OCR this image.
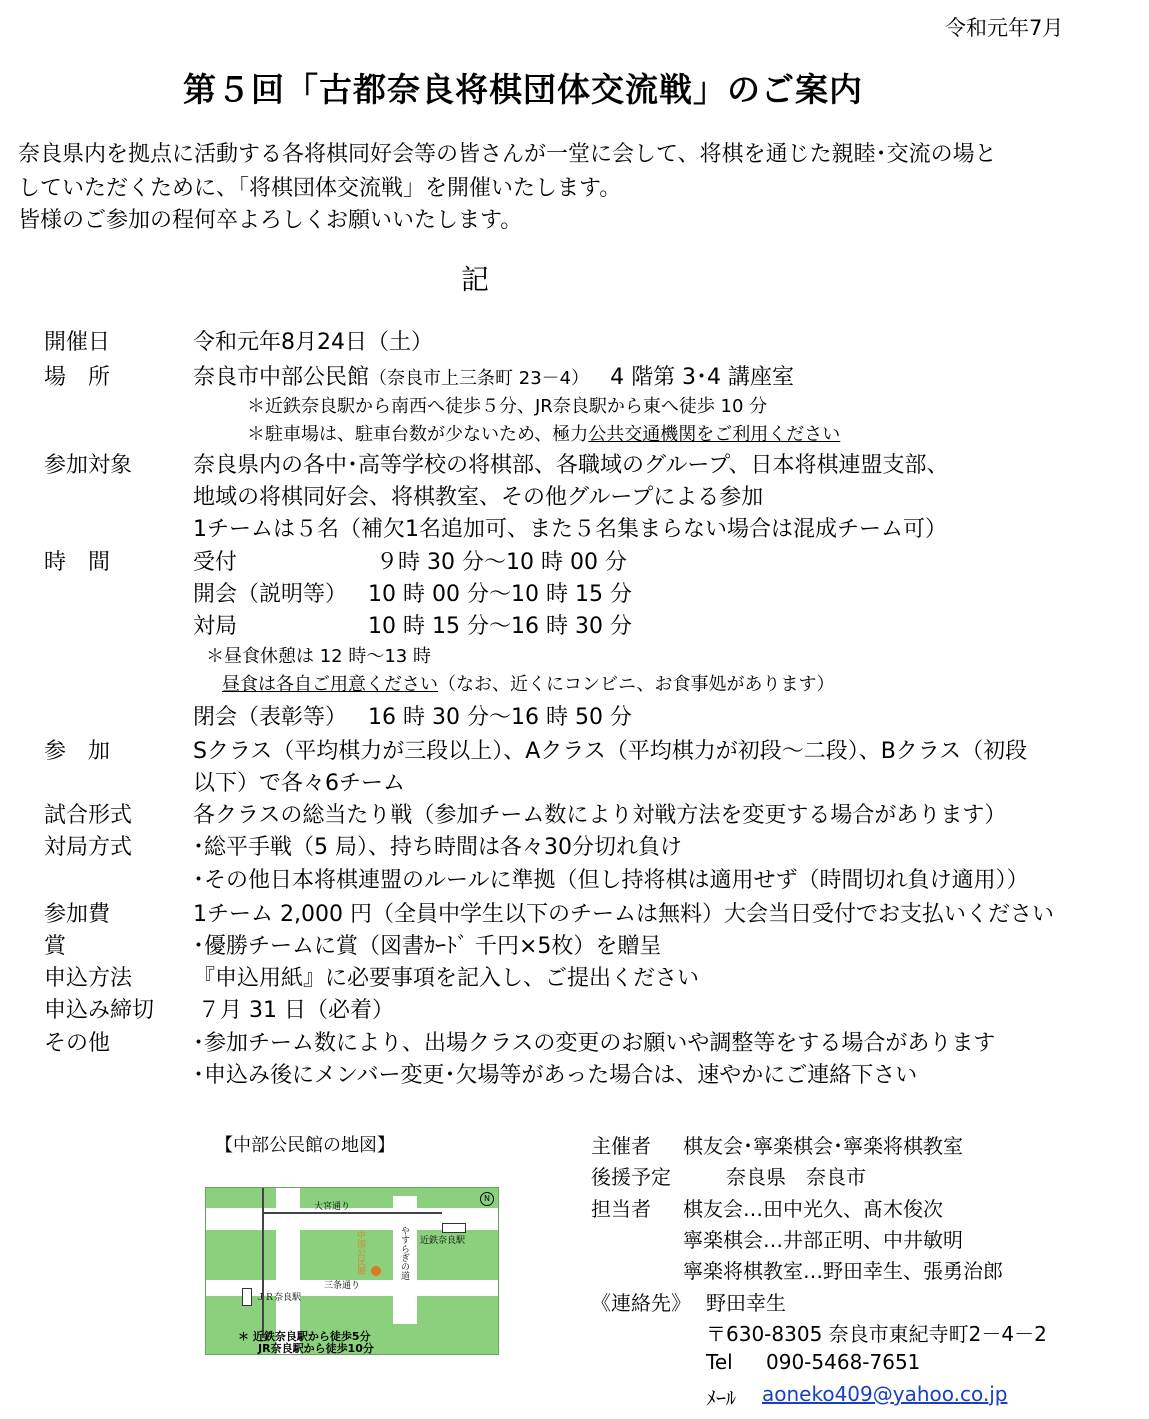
令和元年7月
第５回「古都奈良将棋団体交流戦」のご案内
奈良県内を拠点に活動する各将棋同好会等の皆さんが一堂に会して、将棋を通じた親睦･交流の場と
していただくために、「将棋団体交流戦」を開催いたします。
皆様のご参加の程何卒よろしくお願いいたします。
記
開催日	令和元年8月24日（土）
場　所	奈良市中部公民館（奈良市上三条町 23－4） 4 階第 3･4 講座室
＊近鉄奈良駅から南西へ徒歩５分、JR奈良駅から東へ徒歩 10 分
＊駐車場は、駐車台数が少ないため、極力公共交通機関をご利用ください
参加対象	奈良県内の各中･高等学校の将棋部、各職域のグループ、日本将棋連盟支部、
地域の将棋同好会、将棋教室、その他グループによる参加
1チームは５名（補欠1名追加可、また５名集まらない場合は混成チーム可）
時　間	受付	９時 30 分～10 時 00 分
開会（説明等） 10 時 00 分～10 時 15 分
対局	10 時 15 分～16 時 30 分
＊昼食休憩は 12 時～13 時
昼食は各自ご用意ください（なお、近くにコンビニ、お食事処があります）
閉会（表彰等） 16 時 30 分～16 時 50 分
参　加	Sクラス（平均棋力が三段以上）、Aクラス（平均棋力が初段～二段）、Bクラス（初段
以下）で各々6チーム
試合形式	各クラスの総当たり戦（参加チーム数により対戦方法を変更する場合があります）
対局方式	･総平手戦（5 局）、持ち時間は各々30分切れ負け
･その他日本将棋連盟のルールに準拠（但し持将棋は適用せず（時間切れ負け適用））
参加費	1チーム 2,000 円（全員中学生以下のチームは無料）大会当日受付でお支払いください
賞	･優勝チームに賞（図書ｶｰﾄﾞ 千円×5枚）を贈呈
申込方法	『申込用紙』に必要事項を記入し、ご提出ください
申込み締切 ７月 31 日（必着）
その他	･参加チーム数により、出場クラスの変更のお願いや調整等をする場合があります
･申込み後にメンバー変更･欠場等があった場合は、速やかにご連絡下さい
【中部公民館の地図】
大宮通り
近鉄奈良駅
三条通り
ＪＲ奈良駅
中部公民館	やすらぎの道
N
＊ 近鉄奈良駅から徒歩5分
JR奈良駅から徒歩10分
主催者 棋友会･寧楽棋会･寧楽将棋教室
後援予定	奈良県　奈良市
担当者 棋友会…田中光久、髙木俊次
寧楽棋会…井部正明、中井敏明
寧楽将棋教室…野田幸生、張勇治郎
《連絡先》 野田幸生
〒630-8305 奈良市東紀寺町2－4－2
Tel 090-5468-7651
ﾒｰﾙ aoneko409@yahoo.co.jp
